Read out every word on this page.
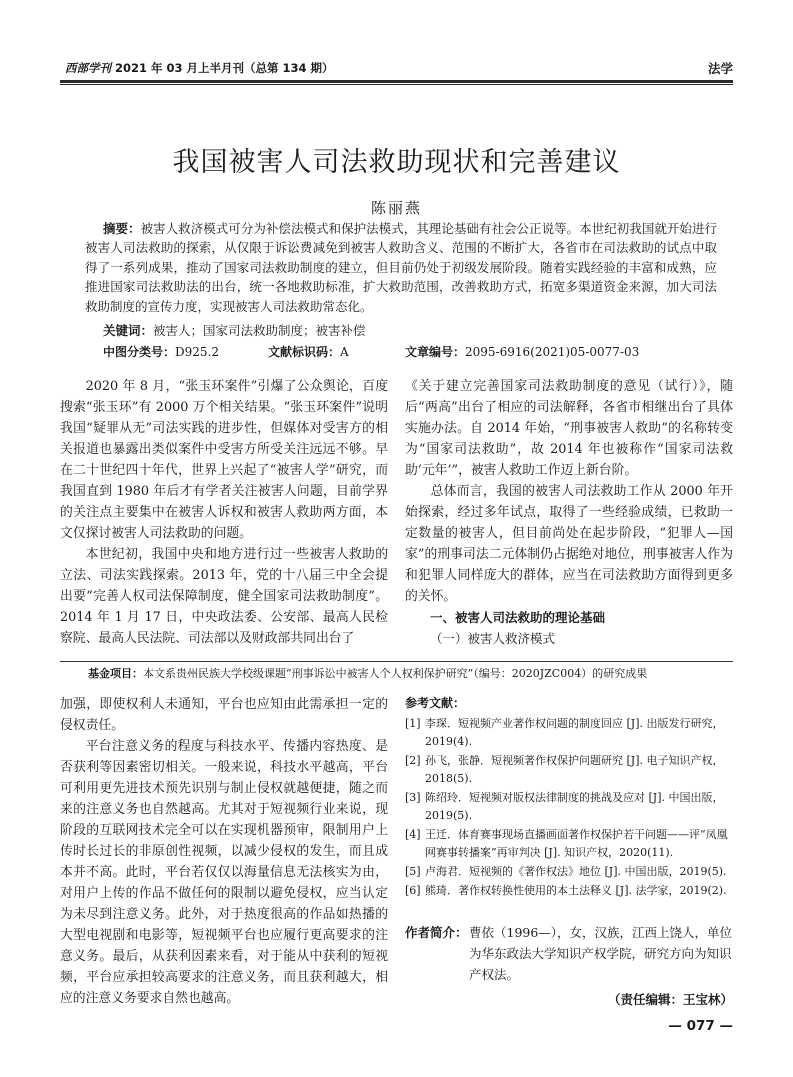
西部学刊 2021 年 03 月上半月刊（总第 134 期）	法学
我国被害人司法救助现状和完善建议
陈丽燕
摘要：被害人救济模式可分为补偿法模式和保护法模式，其理论基础有社会公正说等。本世纪初我国就开始进行被害人司法救助的探索，从仅限于诉讼费减免到被害人救助含义、范围的不断扩大，各省市在司法救助的试点中取得了一系列成果，推动了国家司法救助制度的建立，但目前仍处于初级发展阶段。随着实践经验的丰富和成熟，应推进国家司法救助法的出台，统一各地救助标准，扩大救助范围，改善救助方式，拓宽多渠道资金来源，加大司法救助制度的宣传力度，实现被害人司法救助常态化。
关键词：被害人；国家司法救助制度；被害补偿
中图分类号：D925.2	文献标识码：A	文章编号：2095-6916(2021)05-0077-03

2020 年 8 月，“张玉环案件”引爆了公众舆论，百度搜索“张玉环”有 2000 万个相关结果。“张玉环案件”说明我国“疑罪从无”司法实践的进步性，但媒体对受害方的相关报道也暴露出类似案件中受害方所受关注远远不够。早在二十世纪四十年代，世界上兴起了“被害人学”研究，而我国直到 1980 年后才有学者关注被害人问题，目前学界的关注点主要集中在被害人诉权和被害人救助两方面，本文仅探讨被害人司法救助的问题。

本世纪初，我国中央和地方进行过一些被害人救助的立法、司法实践探索。2013 年，党的十八届三中全会提出要“完善人权司法保障制度，健全国家司法救助制度”。2014 年 1 月 17 日，中央政法委、公安部、最高人民检察院、最高人民法院、司法部以及财政部共同出台了

《关于建立完善国家司法救助制度的意见（试行）》，随后“两高”出台了相应的司法解释，各省市相继出台了具体实施办法。自 2014 年始，“刑事被害人救助”的名称转变为“国家司法救助”，故 2014 年也被称作“国家司法救助‘元年’”，被害人救助工作迈上新台阶。

总体而言，我国的被害人司法救助工作从 2000 年开始探索，经过多年试点，取得了一些经验成绩，已救助一定数量的被害人，但目前尚处在起步阶段，“犯罪人—国家”的刑事司法二元体制仍占据绝对地位，刑事被害人作为和犯罪人同样庞大的群体，应当在司法救助方面得到更多的关怀。

一、被害人司法救助的理论基础

（一）被害人救济模式

基金项目：本文系贵州民族大学校级课题“刑事诉讼中被害人个人权利保护研究”（编号：2020JZC004）的研究成果

加强，即使权利人未通知，平台也应知由此需承担一定的侵权责任。

平台注意义务的程度与科技水平、传播内容热度、是否获利等因素密切相关。一般来说，科技水平越高，平台可利用更先进技术预先识别与制止侵权就越便捷，随之而来的注意义务也自然越高。尤其对于短视频行业来说，现阶段的互联网技术完全可以在实现机器预审，限制用户上传时长过长的非原创性视频，以减少侵权的发生，而且成本并不高。此时，平台若仅仅以海量信息无法核实为由，对用户上传的作品不做任何的限制以避免侵权，应当认定为未尽到注意义务。此外，对于热度很高的作品如热播的大型电视剧和电影等，短视频平台也应履行更高要求的注意义务。最后，从获利因素来看，对于能从中获利的短视频，平台应承担较高要求的注意义务，而且获利越大，相应的注意义务要求自然也越高。

参考文献：
[1] 李琛．短视频产业著作权问题的制度回应 [J]. 出版发行研究，2019(4).
[2] 孙飞，张静．短视频著作权保护问题研究 [J]. 电子知识产权，2018(5).
[3] 陈绍玲．短视频对版权法律制度的挑战及应对 [J]. 中国出版，2019(5).
[4] 王迁．体育赛事现场直播画面著作权保护若干问题——评“凤凰网赛事转播案”再审判决 [J]. 知识产权，2020(11).
[5] 卢海君．短视频的《著作权法》地位 [J]. 中国出版，2019(5).
[6] 熊琦．著作权转换性使用的本土法释义 [J]. 法学家，2019(2).
作者简介： 曹依（1996—），女，汉族，江西上饶人，单位为华东政法大学知识产权学院，研究方向为知识产权法。
（责任编辑：王宝林）
— 077 —
